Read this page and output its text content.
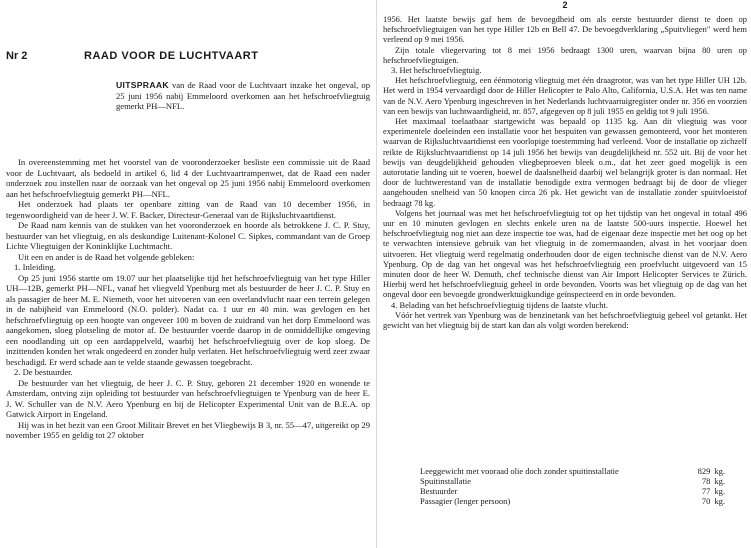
Nr 2	RAAD VOOR DE LUCHTVAART
UITSPRAAK van de Raad voor de Luchtvaart inzake het ongeval, op 25 juni 1956 nabij Emmeloord overkomen aan het hefschroefvliegtuig gemerkt PH—NFL.

In overeenstemming met het voorstel van de vooronderzoeker besliste een commissie uit de Raad voor de Luchtvaart, als bedoeld in artikel 6, lid 4 der Luchtvaartrampenwet, dat de Raad een nader onderzoek zou instellen naar de oorzaak van het ongeval op 25 juni 1956 nabij Emmeloord overkomen aan het hefschroefvliegtuig gemerkt PH—NFL.

Het onderzoek had plaats ter openbare zitting van de Raad van 10 december 1956, in tegenwoordigheid van de heer J. W. F. Backer, Directeur-Generaal van de Rijksluchtvaartdienst.

De Raad nam kennis van de stukken van het vooronderzoek en hoorde als betrokkene J. C. P. Stuy, bestuurder van het vliegtuig, en als deskundige Luitenant-Kolonel C. Sipkes, commandant van de Groep Lichte Vliegtuigen der Koninklijke Luchtmacht.

Uit een en ander is de Raad het volgende gebleken:

1. Inleiding.

Op 25 juni 1956 startte om 19.07 uur het plaatselijke tijd het hefschroefvliegtuig van het type Hiller UH—12B, gemerkt PH—NFL, vanaf het vliegveld Ypenburg met als bestuurder de heer J. C. P. Stuy en als passagier de heer M. E. Niemeth, voor het uitvoeren van een overlandvlucht naar een terrein gelegen in de nabijheid van Emmeloord (N.O. polder). Nadat ca. 1 uur en 40 min. was gevlogen en het hefschroefvliegtuig op een hoogte van ongeveer 100 m boven de zuidrand van het dorp Emmeloord was aangekomen, sloeg plotseling de motor af. De bestuurder voerde daarop in de onmiddellijke omgeving een noodlanding uit op een aardappelveld, waarbij het hefschroefvliegtuig over de kop sloeg. De inzittenden konden het wrak ongedeerd en zonder hulp verlaten. Het hefschroefvliegtuig werd zeer zwaar beschadigd. Er werd schade aan te velde staande gewassen toegebracht.

2. De bestuurder.

De bestuurder van het vliegtuig, de heer J. C. P. Stuy, geboren 21 december 1920 en wonende te Amsterdam, ontving zijn opleiding tot bestuurder van hefschroefvliegtuigen te Ypenburg van de heer E. J. W. Schuller van de N.V. Aero Ypenburg en bij de Helicopter Experimental Unit van de B.E.A. op Gatwick Airport in Engeland.

Hij was in het bezit van een Groot Militair Brevet en het Vliegbewijs B 3, nr. 55—47, uitgereikt op 29 november 1955 en geldig tot 27 oktober

2

1956. Het laatste bewijs gaf hem de bevoegdheid om als eerste bestuurder dienst te doen op hefschroefvliegtuigen van het type Hiller 12b en Bell 47. De bevoegdverklaring „Spuitvliegen" werd hem verleend op 9 mei 1956.

Zijn totale vliegervaring tot 8 mei 1956 bedraagt 1300 uren, waarvan bijna 80 uren op hefschroefvliegtuigen.

3. Het hefschroefvliegtuig.

Het hefschroefvliegtuig, een éénmotorig vliegtuig met één draagrotor, was van het type Hiller UH 12b. Het werd in 1954 vervaardigd door de Hiller Helicopter te Palo Alto, California, U.S.A. Het was ten name van de N.V. Aero Ypenburg ingeschreven in het Nederlands luchtvaartuigregister onder nr. 356 en voorzien van een bewijs van luchtwaardigheid, nr. 857, afgegeven op 8 juli 1955 en geldig tot 9 juli 1956.

Het maximaal toelaatbaar startgewicht was bepaald op 1135 kg. Aan dit vliegtuig was voor experimentele doeleinden een installatie voor het bespuiten van gewassen gemonteerd, voor het monteren waarvan de Rijksluchtvaartdienst een voorlopige toestemming had verleend. Voor de installatie op zichzelf reikte de Rijksluchtvaartdienst op 14 juli 1956 het bewijs van deugdelijkheid nr. 552 uit. Bij de voor het bewijs van deugdelijkheid gehouden vliegbeproeven bleek o.m., dat het zeer goed mogelijk is een autorotatie landing uit te voeren, hoewel de daalsnelheid daarbij wel belangrijk groter is dan normaal. Het door de luchtwerestand van de installatie benodigde extra vermogen bedraagt bij de door de vlieger aangehouden snelheid van 50 knopen circa 26 pk. Het gewicht van de installatie zonder spuitvloeistof bedraagt 78 kg.

Volgens het journaal was met het hefschroefvliegtuig tot op het tijdstip van het ongeval in totaal 496 uur en 10 minuten gevlogen en slechts enkele uren na de laatste 500-uurs inspectie. Hoewel het hefschroefvliegtuig nog niet aan deze inspectie toe was, had de eigenaar deze inspectie met het oog op het te verwachten intensieve gebruik van het vliegtuig in de zomermaanden, alvast in het voorjaar doen uitvoeren. Het vliegtuig werd regelmatig onderhouden door de eigen technische dienst van de N.V. Aero Ypenburg. Op de dag van het ongeval was het hefschroefvliegtuig een proefvlucht uitgevoerd van 15 minuten door de heer W. Demuth, chef technische dienst van Air Import Helicopter Services te Zürich. Hierbij werd het hefschroefvliegtuig geheel in orde bevonden. Voorts was het vliegtuig op de dag van het ongeval door een bevoegde grondwerktuigkundige geïnspecteerd en in orde bevonden.

4. Belading van het hefschroefvliegtuig tijdens de laatste vlucht.

Vóór het vertrek van Ypenburg was de benzinetank van het hefschroefvliegtuig geheel vol getankt. Het gewicht van het vliegtuig bij de start kan dan als volgt worden berekend:

Leeggewicht met vooraad olie doch zonder spuitinstallatie	829	kg.
Spuitinstallatie	78	kg.
Bestuurder	77	kg.
Passagier (lenger persoon)	70	kg.
